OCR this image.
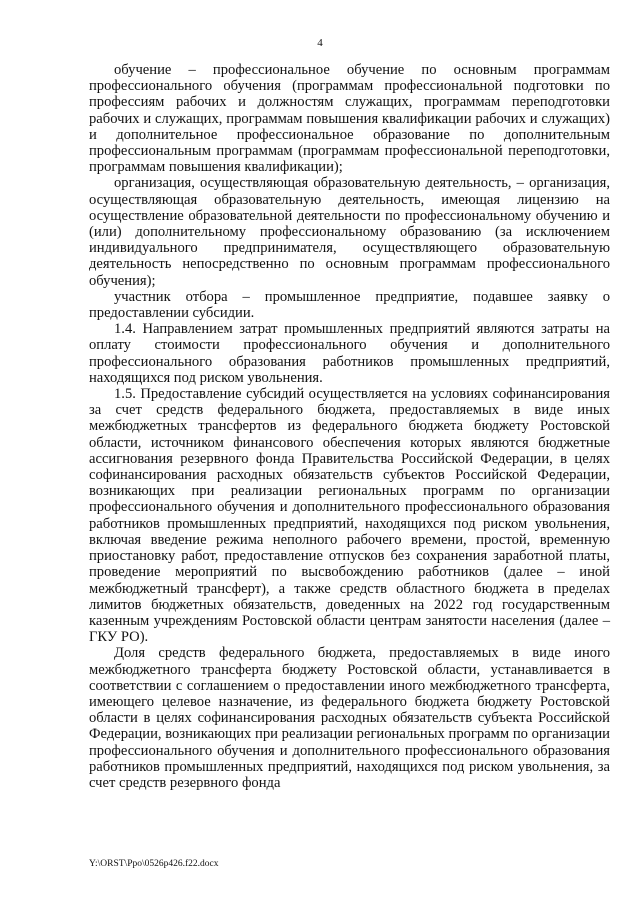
4

обучение – профессиональное обучение по основным программам профессионального обучения (программам профессиональной подготовки по профессиям рабочих и должностям служащих, программам переподготовки рабочих и служащих, программам повышения квалификации рабочих и служащих) и дополнительное профессиональное образование по дополнительным профессиональным программам (программам профессиональной переподготовки, программам повышения квалификации);

организация, осуществляющая образовательную деятельность, – организация, осуществляющая образовательную деятельность, имеющая лицензию на осуществление образовательной деятельности по профессиональному обучению и (или) дополнительному профессиональному образованию (за исключением индивидуального предпринимателя, осуществляющего образовательную деятельность непосредственно по основным программам профессионального обучения);

участник отбора – промышленное предприятие, подавшее заявку о предоставлении субсидии.

1.4. Направлением затрат промышленных предприятий являются затраты на оплату стоимости профессионального обучения и дополнительного профессионального образования работников промышленных предприятий, находящихся под риском увольнения.

1.5. Предоставление субсидий осуществляется на условиях софинансирования за счет средств федерального бюджета, предоставляемых в виде иных межбюджетных трансфертов из федерального бюджета бюджету Ростовской области, источником финансового обеспечения которых являются бюджетные ассигнования резервного фонда Правительства Российской Федерации, в целях софинансирования расходных обязательств субъектов Российской Федерации, возникающих при реализации региональных программ по организации профессионального обучения и дополнительного профессионального образования работников промышленных предприятий, находящихся под риском увольнения, включая введение режима неполного рабочего времени, простой, временную приостановку работ, предоставление отпусков без сохранения заработной платы, проведение мероприятий по высвобождению работников (далее – иной межбюджетный трансферт), а также средств областного бюджета в пределах лимитов бюджетных обязательств, доведенных на 2022 год государственным казенным учреждениям Ростовской области центрам занятости населения (далее – ГКУ РО).

Доля средств федерального бюджета, предоставляемых в виде иного межбюджетного трансферта бюджету Ростовской области, устанавливается в соответствии с соглашением о предоставлении иного межбюджетного трансферта, имеющего целевое назначение, из федерального бюджета бюджету Ростовской области в целях софинансирования расходных обязательств субъекта Российской Федерации, возникающих при реализации региональных программ по организации профессионального обучения и дополнительного профессионального образования работников промышленных предприятий, находящихся под риском увольнения, за счет средств резервного фонда

Y:\ORST\Ppo\0526p426.f22.docx
